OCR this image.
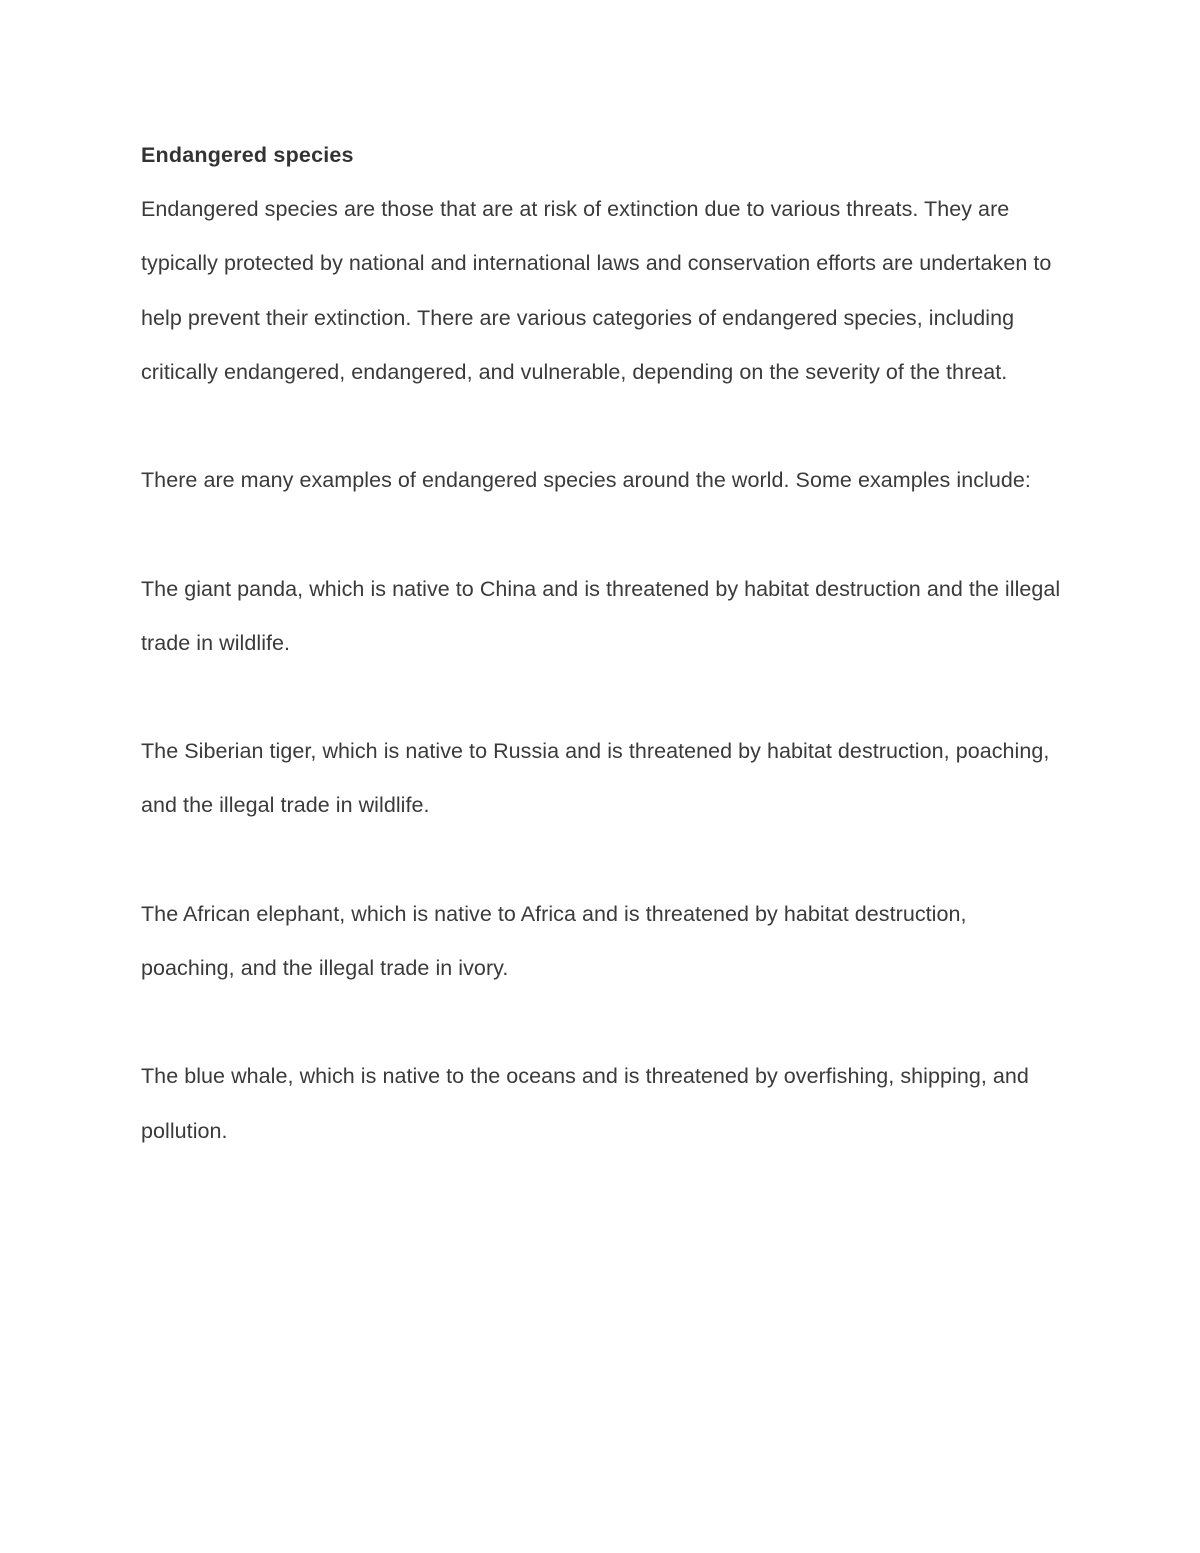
Endangered species

Endangered species are those that are at risk of extinction due to various threats. They are typically protected by national and international laws and conservation efforts are undertaken to help prevent their extinction. There are various categories of endangered species, including critically endangered, endangered, and vulnerable, depending on the severity of the threat.

There are many examples of endangered species around the world. Some examples include:

The giant panda, which is native to China and is threatened by habitat destruction and the illegal trade in wildlife.

The Siberian tiger, which is native to Russia and is threatened by habitat destruction, poaching, and the illegal trade in wildlife.

The African elephant, which is native to Africa and is threatened by habitat destruction, poaching, and the illegal trade in ivory.

The blue whale, which is native to the oceans and is threatened by overfishing, shipping, and pollution.
